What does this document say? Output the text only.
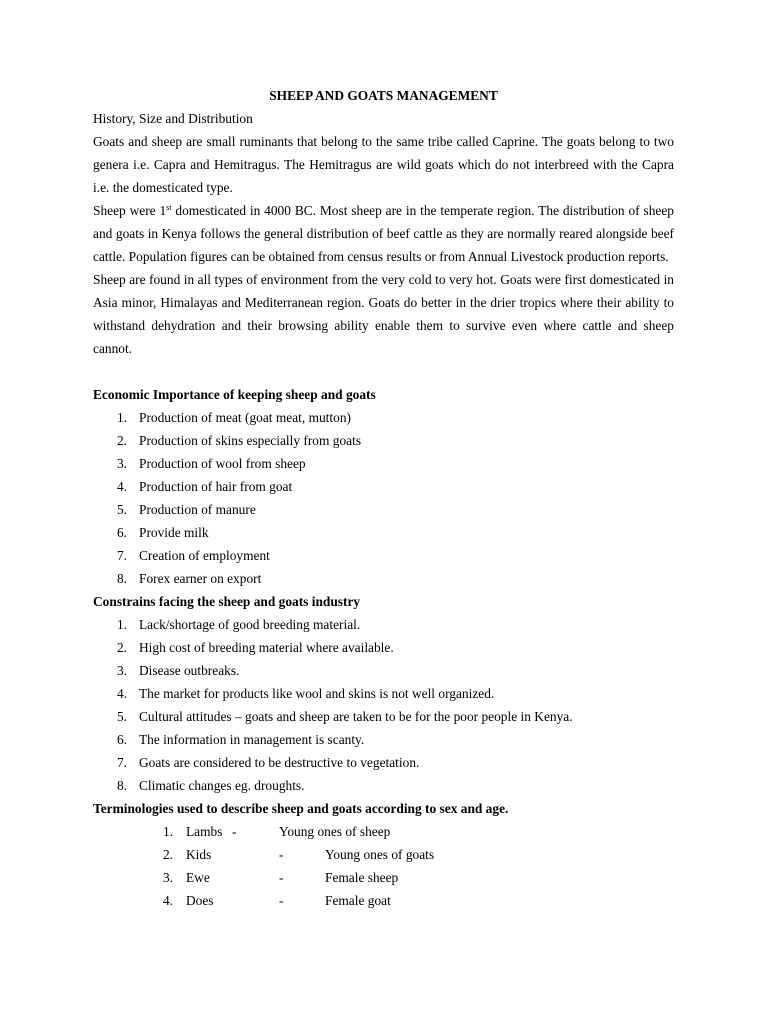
SHEEP AND GOATS MANAGEMENT
History, Size and Distribution

Goats and sheep are small ruminants that belong to the same tribe called Caprine. The goats belong to two genera i.e. Capra and Hemitragus. The Hemitragus are wild goats which do not interbreed with the Capra i.e. the domesticated type.

Sheep were 1st domesticated in 4000 BC. Most sheep are in the temperate region. The distribution of sheep and goats in Kenya follows the general distribution of beef cattle as they are normally reared alongside beef cattle. Population figures can be obtained from census results or from Annual Livestock production reports.

Sheep are found in all types of environment from the very cold to very hot. Goats were first domesticated in Asia minor, Himalayas and Mediterranean region. Goats do better in the drier tropics where their ability to withstand dehydration and their browsing ability enable them to survive even where cattle and sheep cannot.

Economic Importance of keeping sheep and goats
1. Production of meat (goat meat, mutton)
2. Production of skins especially from goats
3. Production of wool from sheep
4. Production of hair from goat
5. Production of manure
6. Provide milk
7. Creation of employment
8. Forex earner on export
Constrains facing the sheep and goats industry
1. Lack/shortage of good breeding material.
2. High cost of breeding material where available.
3. Disease outbreaks.
4. The market for products like wool and skins is not well organized.
5. Cultural attitudes – goats and sheep are taken to be for the poor people in Kenya.
6. The information in management is scanty.
7. Goats are considered to be destructive to vegetation.
8. Climatic changes eg. droughts.
Terminologies used to describe sheep and goats according to sex and age.
1. Lambs -	Young ones of sheep
2. Kids	-	Young ones of goats
3. Ewe	-	Female sheep
4. Does	-	Female goat
